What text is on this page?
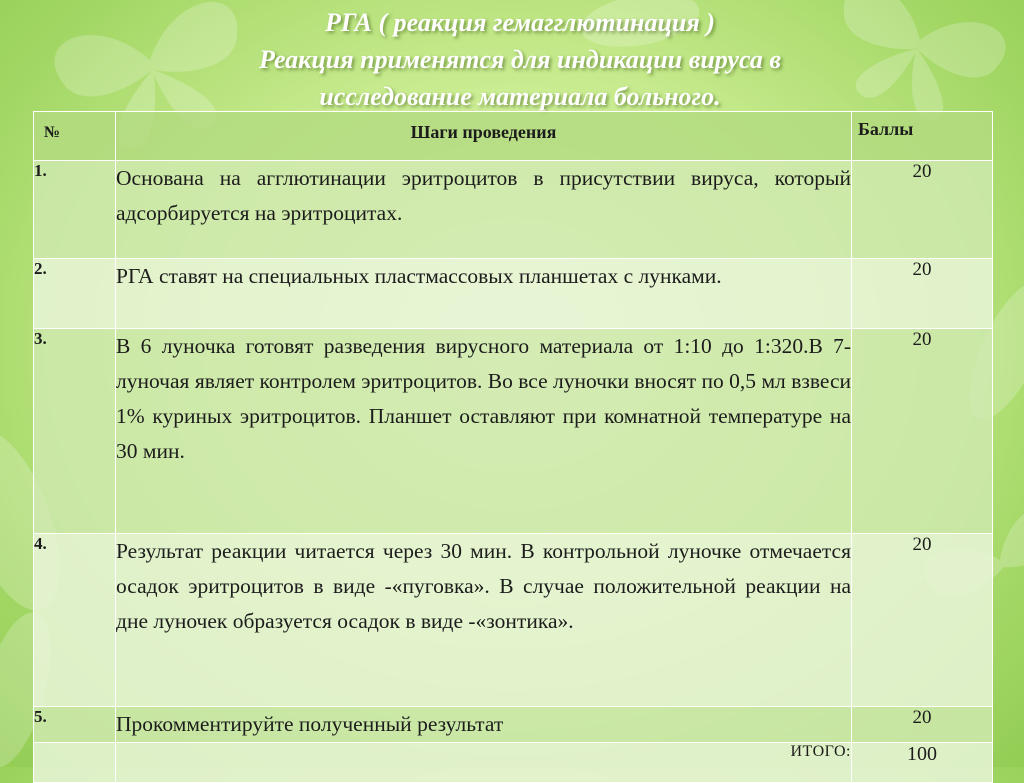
РГА ( реакция гемагглютинация )
Реакция применятся для индикации вируса в
исследование материала больного.
№	Шаги проведения	Баллы
1.	Основана на агглютинации эритроцитов в присутствии вируса, который адсорбируется на эритроцитах.	20
2.	РГА ставят на специальных пластмассовых планшетах с лунками.	20
3.	В 6 луночка готовят разведения вирусного материала от 1:10 до 1:320.В 7-луночая являет контролем эритроцитов. Во все луночки вносят по 0,5 мл взвеси 1% куриных эритроцитов. Планшет оставляют при комнатной температуре на 30 мин.	20
4.	Результат реакции читается через 30 мин. В контрольной луночке отмечается осадок эритроцитов в виде -«пуговка». В случае положительной реакции на дне луночек образуется осадок в виде -«зонтика».	20
5.	Прокомментируйте полученный результат	20
	ИТОГО:	100
